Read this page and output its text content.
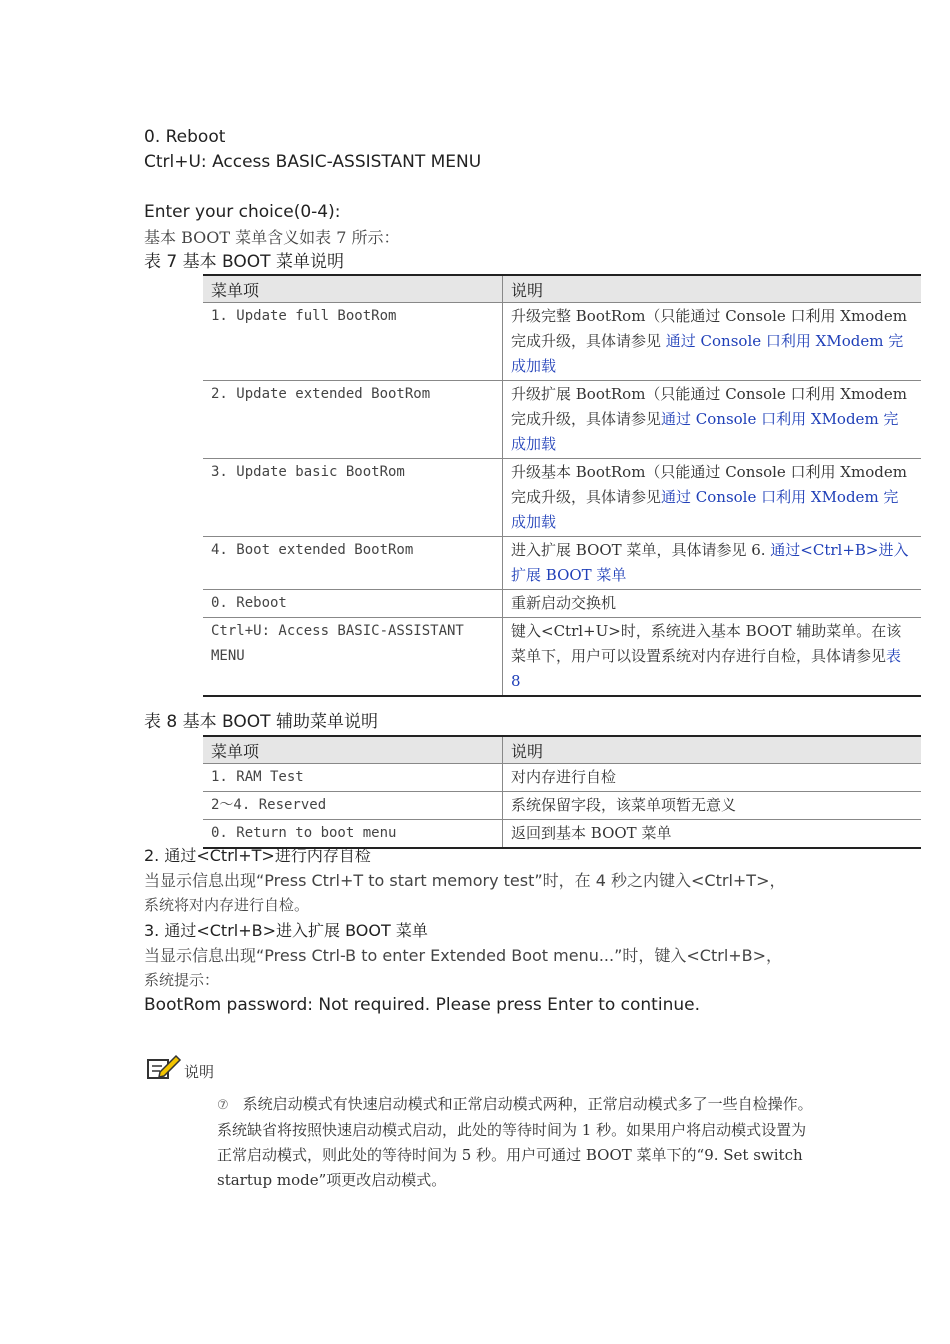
0. Reboot
Ctrl+U: Access BASIC-ASSISTANT MENU
Enter your choice(0-4):
基本 BOOT 菜单含义如表 7 所示：
表 7 基本 BOOT 菜单说明
菜单项	说明
1. Update full BootRom	升级完整 BootRom（只能通过 Console 口利用 Xmodem 完成升级，具体请参见 通过 Console 口利用 XModem 完成加载
2. Update extended BootRom	升级扩展 BootRom（只能通过 Console 口利用 Xmodem 完成升级，具体请参见通过 Console 口利用 XModem 完成加载
3. Update basic BootRom	升级基本 BootRom（只能通过 Console 口利用 Xmodem 完成升级，具体请参见通过 Console 口利用 XModem 完成加载
4. Boot extended BootRom	进入扩展 BOOT 菜单，具体请参见 6. 通过<Ctrl+B>进入扩展 BOOT 菜单
0. Reboot	重新启动交换机
Ctrl+U: Access BASIC-ASSISTANT MENU	键入<Ctrl+U>时，系统进入基本 BOOT 辅助菜单。在该菜单下，用户可以设置系统对内存进行自检，具体请参见表 8
表 8 基本 BOOT 辅助菜单说明
菜单项	说明
1. RAM Test	对内存进行自检
2～4. Reserved	系统保留字段，该菜单项暂无意义
0. Return to boot menu	返回到基本 BOOT 菜单
2. 通过<Ctrl+T>进行内存自检
当显示信息出现“Press Ctrl+T to start memory test”时，在 4 秒之内键入<Ctrl+T>，
系统将对内存进行自检。
3. 通过<Ctrl+B>进入扩展 BOOT 菜单
当显示信息出现“Press Ctrl-B to enter Extended Boot menu...”时，键入<Ctrl+B>，
系统提示：
BootRom password: Not required. Please press Enter to continue.
说明
⑦ 系统启动模式有快速启动模式和正常启动模式两种，正常启动模式多了一些自检操作。系统缺省将按照快速启动模式启动，此处的等待时间为 1 秒。如果用户将启动模式设置为正常启动模式，则此处的等待时间为 5 秒。用户可通过 BOOT 菜单下的“9. Set switch startup mode”项更改启动模式。
